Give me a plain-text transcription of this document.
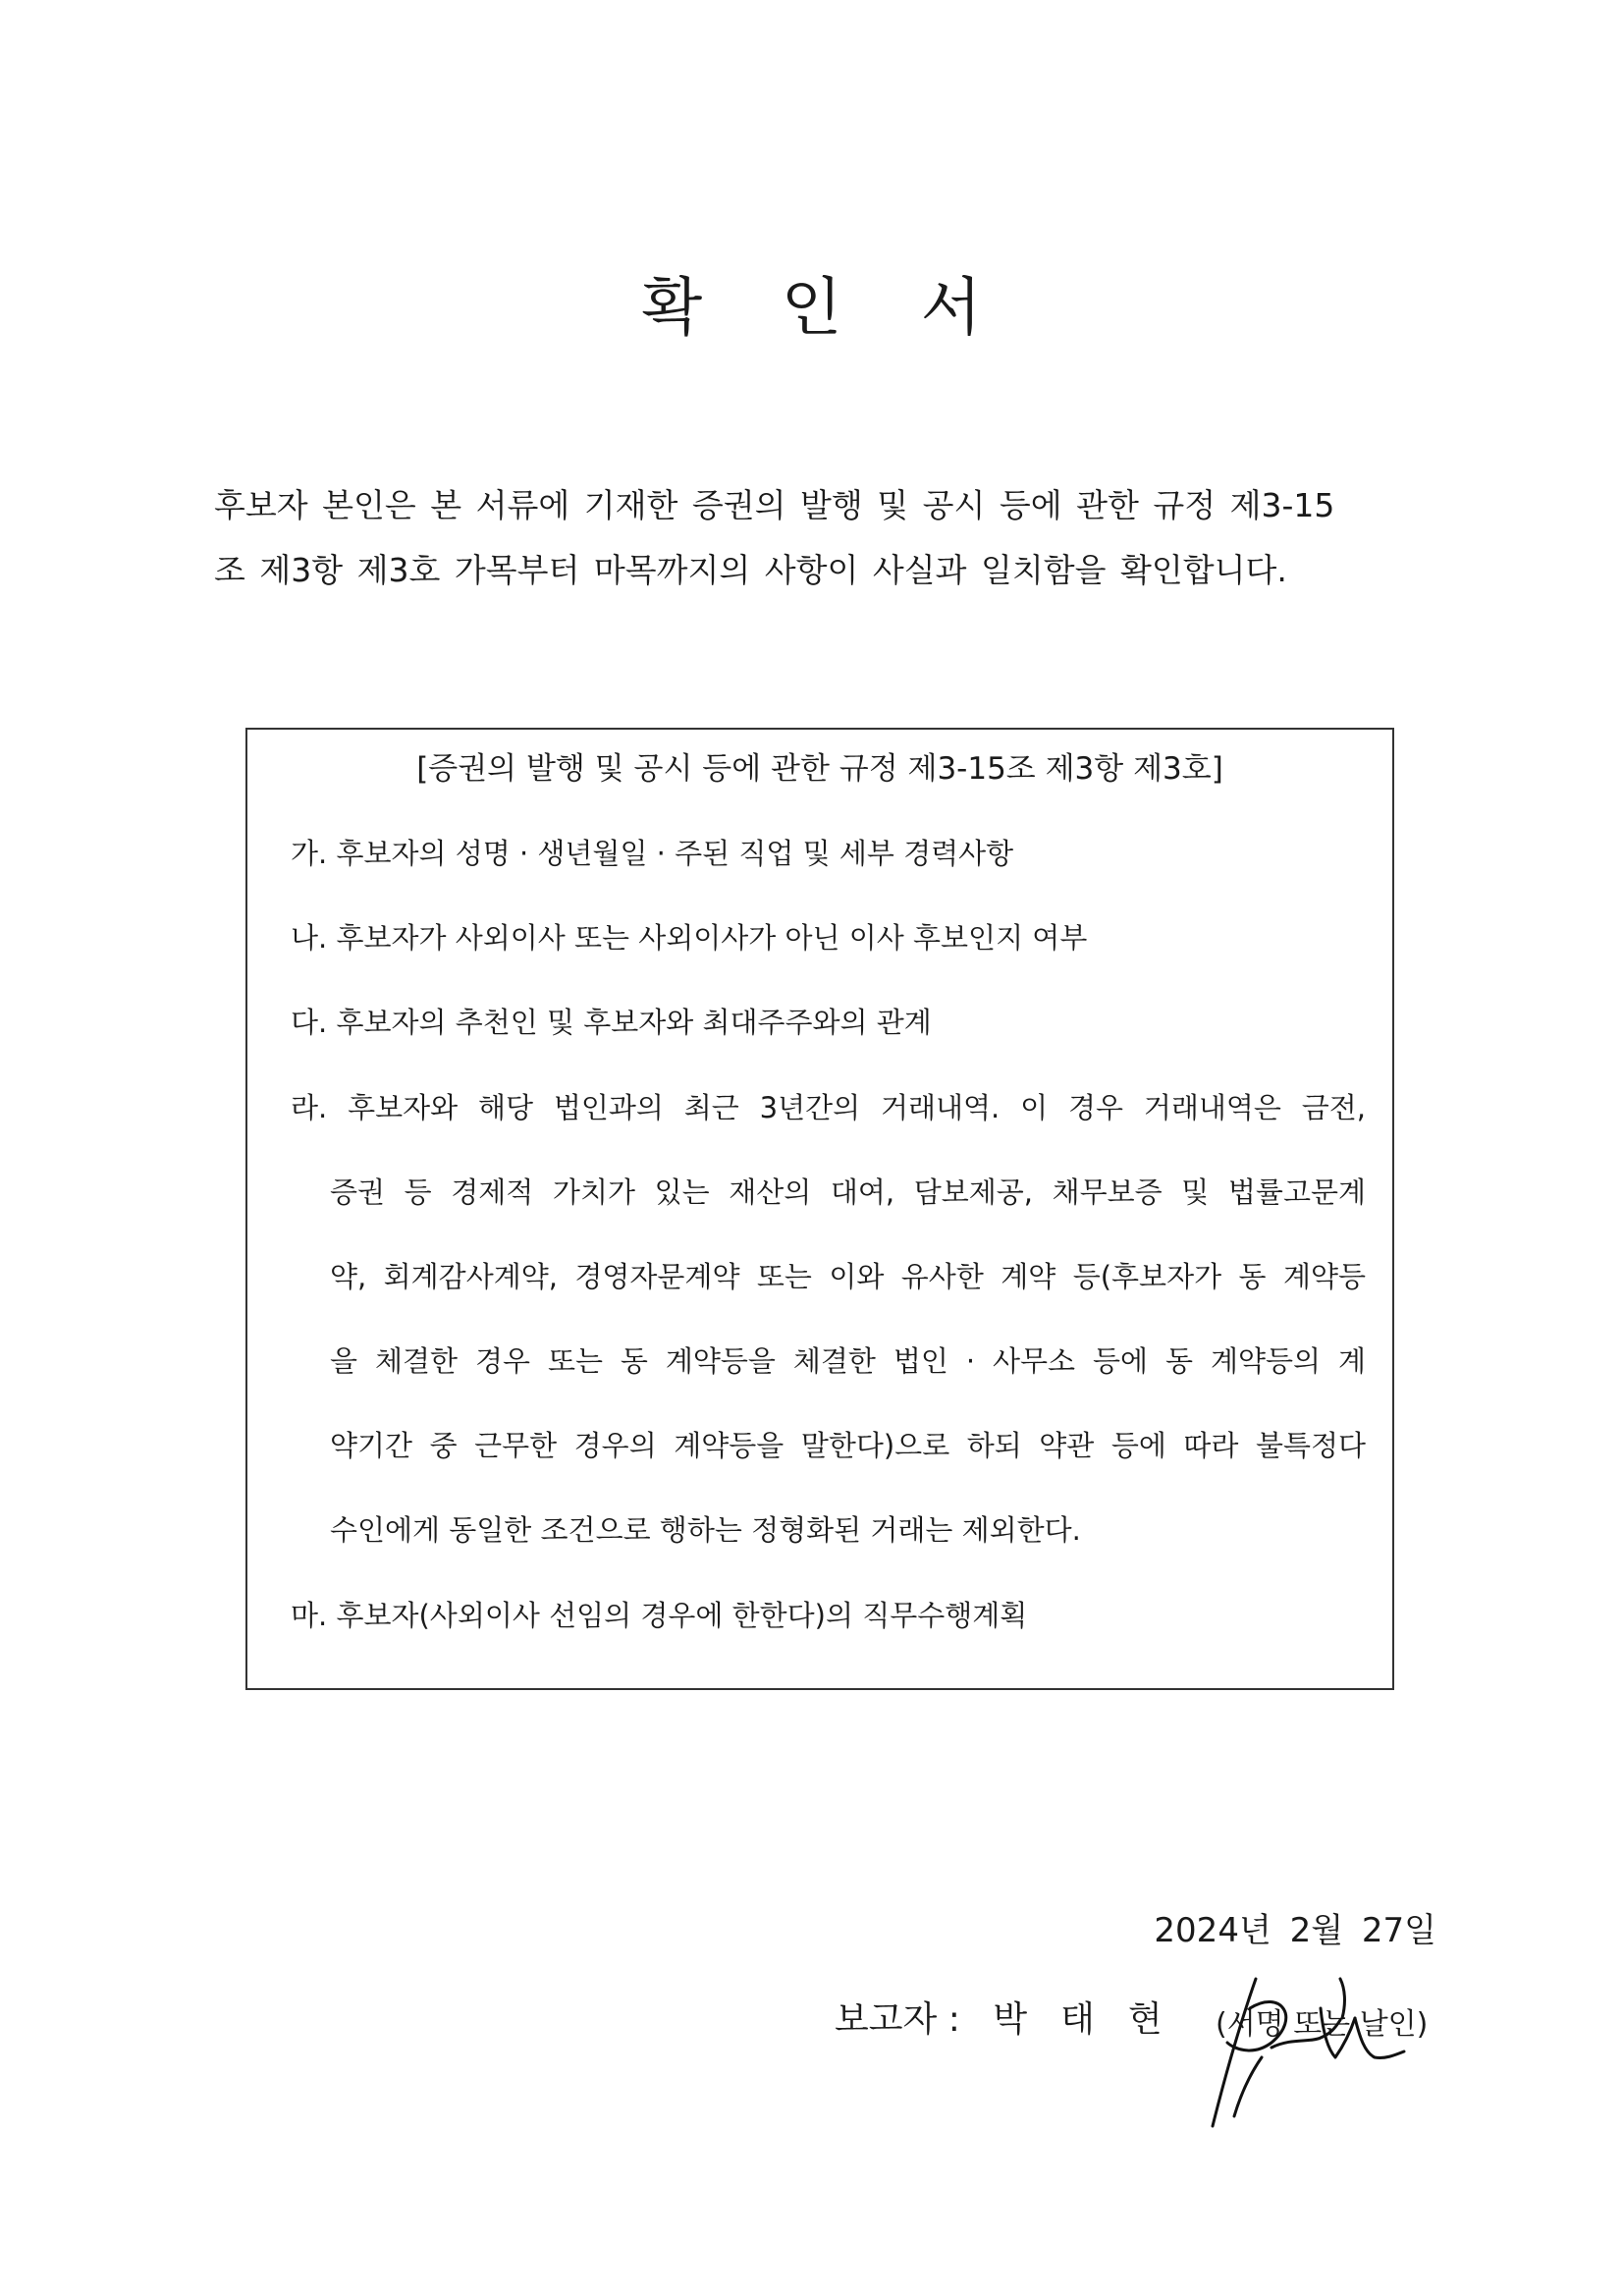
확 인 서
후보자 본인은 본 서류에 기재한 증권의 발행 및 공시 등에 관한 규정 제3-15
조 제3항 제3호 가목부터 마목까지의 사항이 사실과 일치함을 확인합니다.
[증권의 발행 및 공시 등에 관한 규정 제3-15조 제3항 제3호]
가. 후보자의 성명 · 생년월일 · 주된 직업 및 세부 경력사항
나. 후보자가 사외이사 또는 사외이사가 아닌 이사 후보인지 여부
다. 후보자의 추천인 및 후보자와 최대주주와의 관계
라. 후보자와 해당 법인과의 최근 3년간의 거래내역. 이 경우 거래내역은 금전,
증권 등 경제적 가치가 있는 재산의 대여, 담보제공, 채무보증 및 법률고문계
약, 회계감사계약, 경영자문계약 또는 이와 유사한 계약 등(후보자가 동 계약등
을 체결한 경우 또는 동 계약등을 체결한 법인 · 사무소 등에 동 계약등의 계
약기간 중 근무한 경우의 계약등을 말한다)으로 하되 약관 등에 따라 불특정다
수인에게 동일한 조건으로 행하는 정형화된 거래는 제외한다.
마. 후보자(사외이사 선임의 경우에 한한다)의 직무수행계획
2024년 2월 27일
보고자 : 박태현 (서명 또는 날인)
